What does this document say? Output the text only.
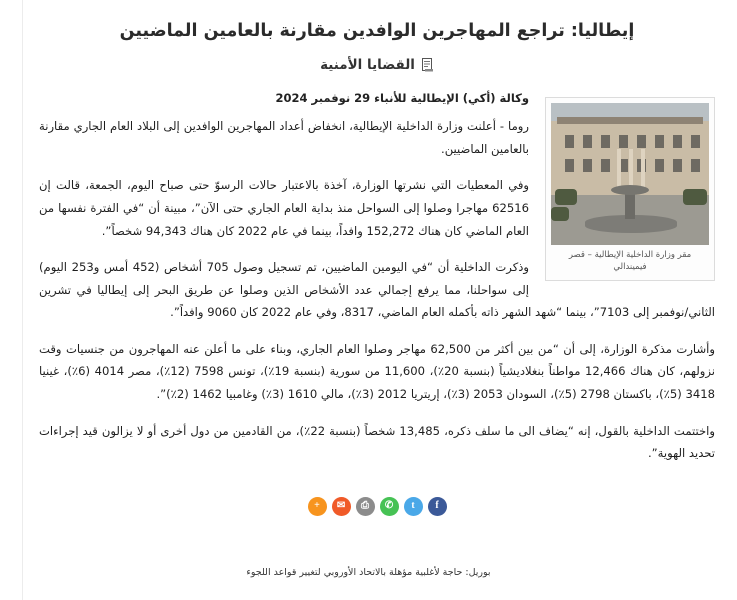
إيطاليا: تراجع المهاجرين الوافدين مقارنة بالعامين الماضيين
القضايا الأمنية
مقر وزارة الداخلية الإيطالية – قصر فيميندالي
وكالة (أكي) الإيطالية للأنباء 29 نوفمبر 2024

روما - أعلنت وزارة الداخلية الإيطالية، انخفاض أعداد المهاجرين الوافدين إلى البلاد العام الجاري مقارنة بالعامين الماضيين.

وفي المعطيات التي نشرتها الوزارة، آخذة بالاعتبار حالات الرسوّ حتى صباح اليوم، الجمعة، قالت إن 62516 مهاجرا وصلوا إلى السواحل منذ بداية العام الجاري حتى الآن”، مبينة أن “في الفترة نفسها من العام الماضي كان هناك 152,272 وافداً، بينما في عام 2022 كان هناك 94,343 شخصاً”.

وذكرت الداخلية أن “في اليومين الماضيين، تم تسجيل وصول 705 أشخاص (452 أمس و253 اليوم) إلى سواحلنا، مما يرفع إجمالي عدد الأشخاص الذين وصلوا عن طريق البحر إلى إيطاليا في تشرين الثاني/نوفمبر إلى 7103”، بينما “شهد الشهر ذاته بأكمله العام الماضي، 8317، وفي عام 2022 كان 9060 وافداً”.

وأشارت مذكرة الوزارة، إلى أن “من بين أكثر من 62,500 مهاجر وصلوا العام الجاري، وبناء على ما أعلن عنه المهاجرون من جنسيات وقت نزولهم، كان هناك 12,466 مواطناً بنغلاديشياً (بنسبة 20٪)، 11,600 من سورية (بنسبة 19٪)، تونس 7598 (12٪)، مصر 4014 (6٪)، غينيا 3418 (5٪)، باكستان 2798 (5٪)، السودان 2053 (3٪)، إريتريا 2012 (3٪)، مالي 1610 (3٪) وغامبيا 1462 (2٪)”.

واختتمت الداخلية بالقول، إنه “يضاف الى ما سلف ذكره، 13,485 شخصاً (بنسبة 22٪)، من القادمين من دول أخرى أو لا يزالون قيد إجراءات تحديد الهوية”.

f
t
✆
⎙
✉
+
بوريل: حاجة لأغلبية مؤهلة بالاتحاد الأوروبي لتغيير قواعد اللجوء
